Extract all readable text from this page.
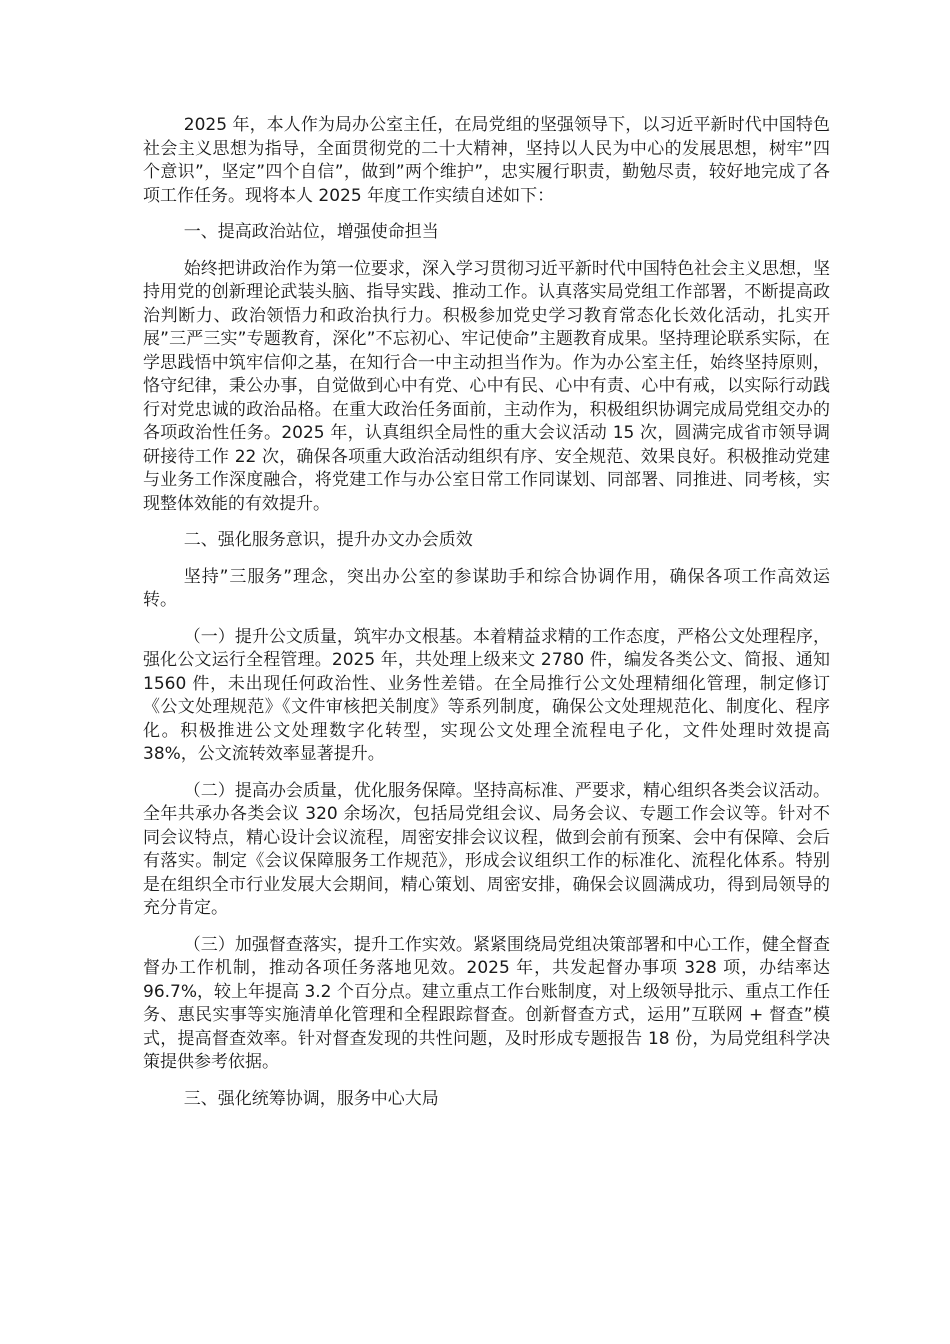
2025 年，本人作为局办公室主任，在局党组的坚强领导下，以习近平新时代中国特色社会主义思想为指导，全面贯彻党的二十大精神，坚持以人民为中心的发展思想，树牢”四个意识”，坚定”四个自信”，做到”两个维护”，忠实履行职责，勤勉尽责，较好地完成了各项工作任务。现将本人 2025 年度工作实绩自述如下：

一、提高政治站位，增强使命担当

始终把讲政治作为第一位要求，深入学习贯彻习近平新时代中国特色社会主义思想，坚持用党的创新理论武装头脑、指导实践、推动工作。认真落实局党组工作部署，不断提高政治判断力、政治领悟力和政治执行力。积极参加党史学习教育常态化长效化活动，扎实开展”三严三实”专题教育，深化”不忘初心、牢记使命”主题教育成果。坚持理论联系实际，在学思践悟中筑牢信仰之基，在知行合一中主动担当作为。作为办公室主任，始终坚持原则，恪守纪律，秉公办事，自觉做到心中有党、心中有民、心中有责、心中有戒，以实际行动践行对党忠诚的政治品格。在重大政治任务面前，主动作为，积极组织协调完成局党组交办的各项政治性任务。2025 年，认真组织全局性的重大会议活动 15 次，圆满完成省市领导调研接待工作 22 次，确保各项重大政治活动组织有序、安全规范、效果良好。积极推动党建与业务工作深度融合，将党建工作与办公室日常工作同谋划、同部署、同推进、同考核，实现整体效能的有效提升。

二、强化服务意识，提升办文办会质效

坚持”三服务”理念，突出办公室的参谋助手和综合协调作用，确保各项工作高效运转。

（一）提升公文质量，筑牢办文根基。本着精益求精的工作态度，严格公文处理程序，强化公文运行全程管理。2025 年，共处理上级来文 2780 件，编发各类公文、简报、通知 1560 件，未出现任何政治性、业务性差错。在全局推行公文处理精细化管理，制定修订《公文处理规范》《文件审核把关制度》等系列制度，确保公文处理规范化、制度化、程序化。积极推进公文处理数字化转型，实现公文处理全流程电子化，文件处理时效提高 38%，公文流转效率显著提升。

（二）提高办会质量，优化服务保障。坚持高标准、严要求，精心组织各类会议活动。全年共承办各类会议 320 余场次，包括局党组会议、局务会议、专题工作会议等。针对不同会议特点，精心设计会议流程，周密安排会议议程，做到会前有预案、会中有保障、会后有落实。制定《会议保障服务工作规范》，形成会议组织工作的标准化、流程化体系。特别是在组织全市行业发展大会期间，精心策划、周密安排，确保会议圆满成功，得到局领导的充分肯定。

（三）加强督查落实，提升工作实效。紧紧围绕局党组决策部署和中心工作，健全督查督办工作机制，推动各项任务落地见效。2025 年，共发起督办事项 328 项，办结率达 96.7%，较上年提高 3.2 个百分点。建立重点工作台账制度，对上级领导批示、重点工作任务、惠民实事等实施清单化管理和全程跟踪督查。创新督查方式，运用”互联网 + 督查”模式，提高督查效率。针对督查发现的共性问题，及时形成专题报告 18 份，为局党组科学决策提供参考依据。

三、强化统筹协调，服务中心大局
